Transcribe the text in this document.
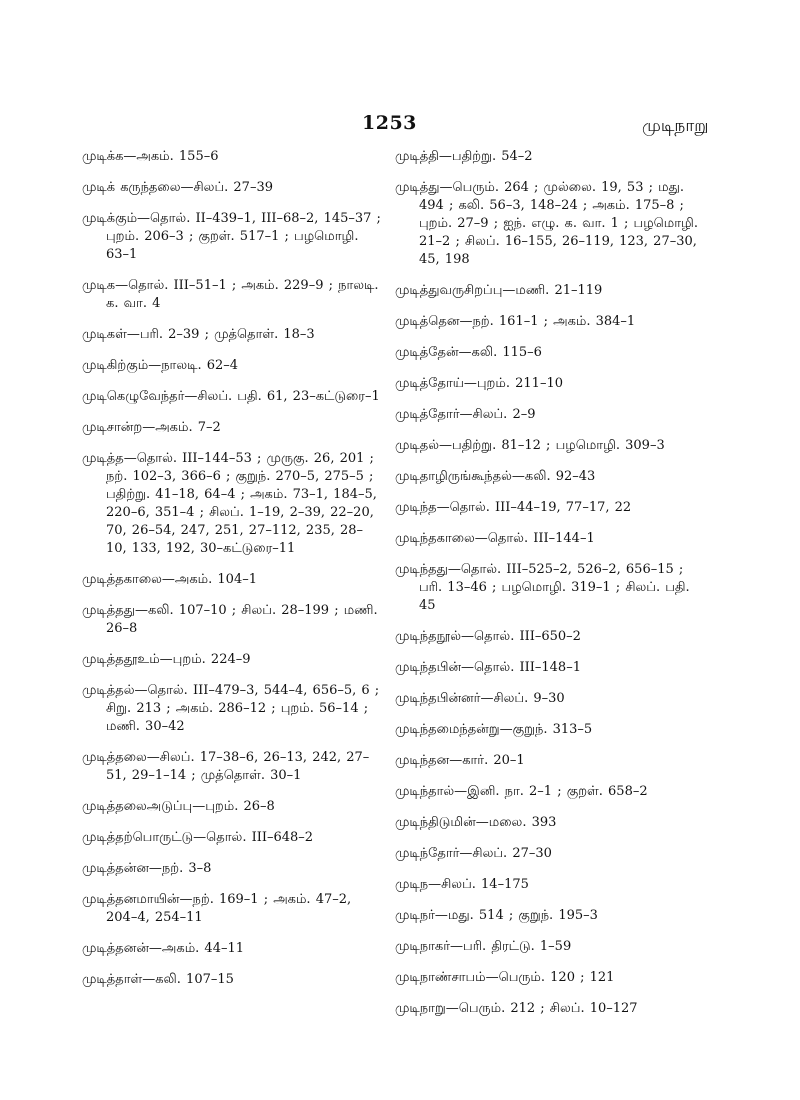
1253	முடிநாறு
முடிக்க—அகம். 155–6
முடிக் கருந்தலை—சிலப். 27–39
முடிக்கும்—தொல். II–439–1, III–68–2, 145–37 ; புறம். 206–3 ; குறள். 517–1 ; பழமொழி. 63–1
முடிக—தொல். III–51–1 ; அகம். 229–9 ; நாலடி. க. வா. 4
முடிகள்—பரி. 2–39 ; முத்தொள். 18–3
முடிகிற்கும்—நாலடி. 62–4
முடிகெழுவேந்தர்—சிலப். பதி. 61, 23–கட்டுரை–1
முடிசான்ற—அகம். 7–2
முடித்த—தொல். III–144–53 ; முருகு. 26, 201 ; நற். 102–3, 366–6 ; குறுந். 270–5, 275–5 ; பதிற்று. 41–18, 64–4 ; அகம். 73–1, 184–5, 220–6, 351–4 ; சிலப். 1–19, 2–39, 22–20, 70, 26–54, 247, 251, 27–112, 235, 28–10, 133, 192, 30–கட்டுரை–11
முடித்தகாலை—அகம். 104–1
முடித்தது—கலி. 107–10 ; சிலப். 28–199 ; மணி. 26–8
முடித்ததூஉம்—புறம். 224–9
முடித்தல்—தொல். III–479–3, 544–4, 656–5, 6 ; சிறு. 213 ; அகம். 286–12 ; புறம். 56–14 ; மணி. 30–42
முடித்தலை—சிலப். 17–38–6, 26–13, 242, 27–51, 29–1–14 ; முத்தொள். 30–1
முடித்தலைஅடுப்பு—புறம். 26–8
முடித்தற்பொருட்டு—தொல். III–648–2
முடித்தன்ன—நற். 3–8
முடித்தனமாயின்—நற். 169–1 ; அகம். 47–2, 204–4, 254–11
முடித்தனன்—அகம். 44–11
முடித்தாள்—கலி. 107–15
முடித்தி—பதிற்று. 54–2
முடித்து—பெரும். 264 ; முல்லை. 19, 53 ; மது. 494 ; கலி. 56–3, 148–24 ; அகம். 175–8 ; புறம். 27–9 ; ஐந். எழு. க. வா. 1 ; பழமொழி. 21–2 ; சிலப். 16–155, 26–119, 123, 27–30, 45, 198
முடித்துவருசிறப்பு—மணி. 21–119
முடித்தென—நற். 161–1 ; அகம். 384–1
முடித்தேன்—கலி. 115–6
முடித்தோய்—புறம். 211–10
முடித்தோர்—சிலப். 2–9
முடிதல்—பதிற்று. 81–12 ; பழமொழி. 309–3
முடிதாழிருங்கூந்தல்—கலி. 92–43
முடிந்த—தொல். III–44–19, 77–17, 22
முடிந்தகாலை—தொல். III–144–1
முடிந்தது—தொல். III–525–2, 526–2, 656–15 ; பரி. 13–46 ; பழமொழி. 319–1 ; சிலப். பதி. 45
முடிந்தநூல்—தொல். III–650–2
முடிந்தபின்—தொல். III–148–1
முடிந்தபின்னர்—சிலப். 9–30
முடிந்தமைந்தன்று—குறுந். 313–5
முடிந்தன—கார். 20–1
முடிந்தால்—இனி. நா. 2–1 ; குறள். 658–2
முடிந்திடுமின்—மலை. 393
முடிந்தோர்—சிலப். 27–30
முடிந—சிலப். 14–175
முடிநர்—மது. 514 ; குறுந். 195–3
முடிநாகர்—பரி. திரட்டு. 1–59
முடிநாண்சாபம்—பெரும். 120 ; 121
முடிநாறு—பெரும். 212 ; சிலப். 10–127
